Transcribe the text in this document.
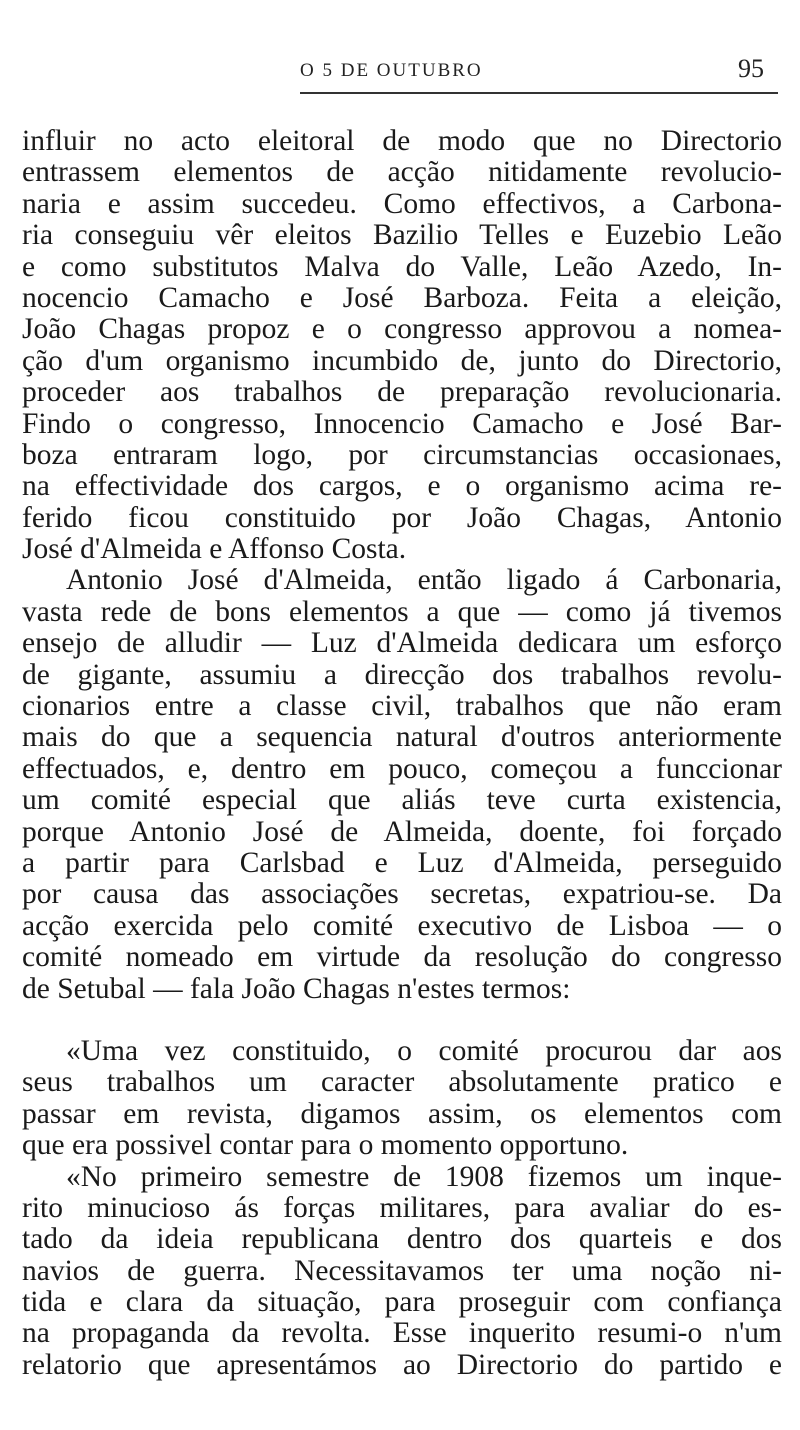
O 5 DE OUTUBRO	95
influir no acto eleitoral de modo que no Directorio
entrassem elementos de acção nitidamente revolucio-
naria e assim succedeu. Como effectivos, a Carbona-
ria conseguiu vêr eleitos Bazilio Telles e Euzebio Leão
e como substitutos Malva do Valle, Leão Azedo, In-
nocencio Camacho e José Barboza. Feita a eleição,
João Chagas propoz e o congresso approvou a nomea-
ção d'um organismo incumbido de, junto do Directorio,
proceder aos trabalhos de preparação revolucionaria.
Findo o congresso, Innocencio Camacho e José Bar-
boza entraram logo, por circumstancias occasionaes,
na effectividade dos cargos, e o organismo acima re-
ferido ficou constituido por João Chagas, Antonio
José d'Almeida e Affonso Costa.
Antonio José d'Almeida, então ligado á Carbonaria,
vasta rede de bons elementos a que — como já tivemos
ensejo de alludir — Luz d'Almeida dedicara um esforço
de gigante, assumiu a direcção dos trabalhos revolu-
cionarios entre a classe civil, trabalhos que não eram
mais do que a sequencia natural d'outros anteriormente
effectuados, e, dentro em pouco, começou a funccionar
um comité especial que aliás teve curta existencia,
porque Antonio José de Almeida, doente, foi forçado
a partir para Carlsbad e Luz d'Almeida, perseguido
por causa das associações secretas, expatriou-se. Da
acção exercida pelo comité executivo de Lisboa — o
comité nomeado em virtude da resolução do congresso
de Setubal — fala João Chagas n'estes termos:
«Uma vez constituido, o comité procurou dar aos
seus trabalhos um caracter absolutamente pratico e
passar em revista, digamos assim, os elementos com
que era possivel contar para o momento opportuno.
«No primeiro semestre de 1908 fizemos um inque-
rito minucioso ás forças militares, para avaliar do es-
tado da ideia republicana dentro dos quarteis e dos
navios de guerra. Necessitavamos ter uma noção ni-
tida e clara da situação, para proseguir com confiança
na propaganda da revolta. Esse inquerito resumi-o n'um
relatorio que apresentámos ao Directorio do partido e
